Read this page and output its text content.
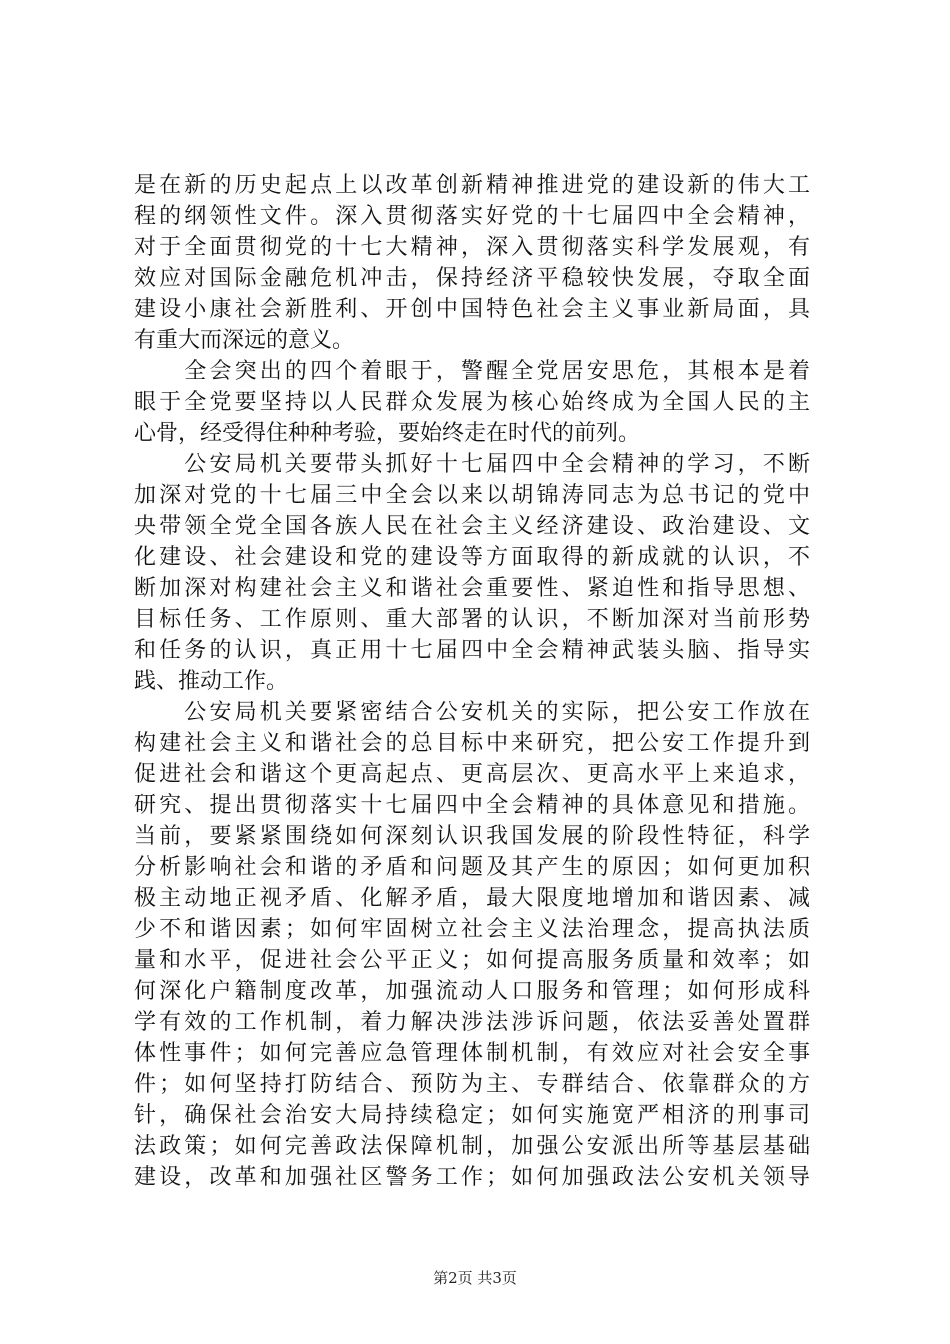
是在新的历史起点上以改革创新精神推进党的建设新的伟大工
程的纲领性文件。深入贯彻落实好党的十七届四中全会精神，
对于全面贯彻党的十七大精神，深入贯彻落实科学发展观，有
效应对国际金融危机冲击，保持经济平稳较快发展，夺取全面
建设小康社会新胜利、开创中国特色社会主义事业新局面，具
有重大而深远的意义。
　　全会突出的四个着眼于，警醒全党居安思危，其根本是着
眼于全党要坚持以人民群众发展为核心始终成为全国人民的主
心骨，经受得住种种考验，要始终走在时代的前列。
　　公安局机关要带头抓好十七届四中全会精神的学习，不断
加深对党的十七届三中全会以来以胡锦涛同志为总书记的党中
央带领全党全国各族人民在社会主义经济建设、政治建设、文
化建设、社会建设和党的建设等方面取得的新成就的认识，不
断加深对构建社会主义和谐社会重要性、紧迫性和指导思想、
目标任务、工作原则、重大部署的认识，不断加深对当前形势
和任务的认识，真正用十七届四中全会精神武装头脑、指导实
践、推动工作。
　　公安局机关要紧密结合公安机关的实际，把公安工作放在
构建社会主义和谐社会的总目标中来研究，把公安工作提升到
促进社会和谐这个更高起点、更高层次、更高水平上来追求，
研究、提出贯彻落实十七届四中全会精神的具体意见和措施。
当前，要紧紧围绕如何深刻认识我国发展的阶段性特征，科学
分析影响社会和谐的矛盾和问题及其产生的原因；如何更加积
极主动地正视矛盾、化解矛盾，最大限度地增加和谐因素、减
少不和谐因素；如何牢固树立社会主义法治理念，提高执法质
量和水平，促进社会公平正义；如何提高服务质量和效率；如
何深化户籍制度改革，加强流动人口服务和管理；如何形成科
学有效的工作机制，着力解决涉法涉诉问题，依法妥善处置群
体性事件；如何完善应急管理体制机制，有效应对社会安全事
件；如何坚持打防结合、预防为主、专群结合、依靠群众的方
针，确保社会治安大局持续稳定；如何实施宽严相济的刑事司
法政策；如何完善政法保障机制，加强公安派出所等基层基础
建设，改革和加强社区警务工作；如何加强政法公安机关领导
第2页 共3页
